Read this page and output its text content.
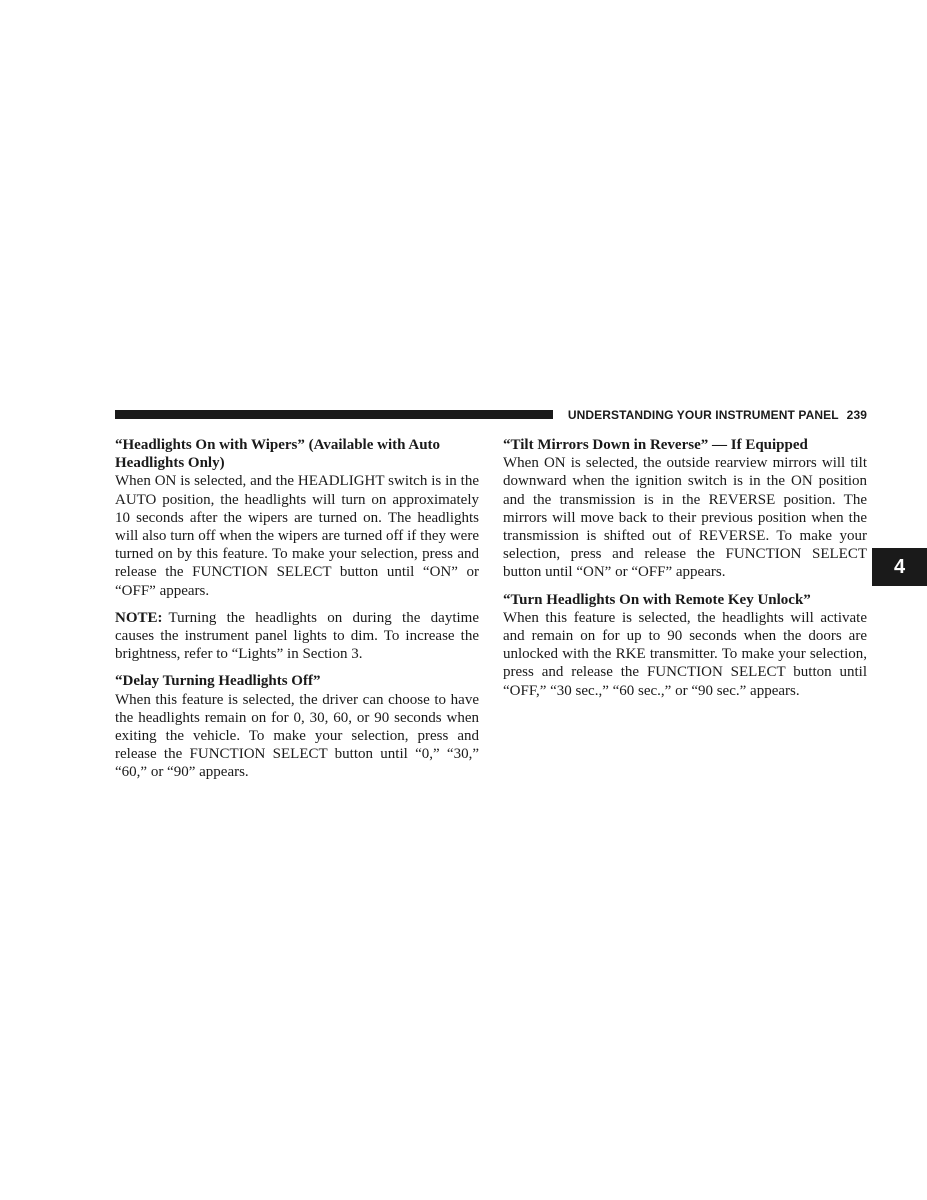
UNDERSTANDING YOUR INSTRUMENT PANEL 239
4
“Headlights On with Wipers” (Available with Auto Headlights Only)

When ON is selected, and the HEADLIGHT switch is in the AUTO position, the headlights will turn on approximately 10 seconds after the wipers are turned on. The headlights will also turn off when the wipers are turned off if they were turned on by this feature. To make your selection, press and release the FUNCTION SELECT button until “ON” or “OFF” appears.

NOTE: Turning the headlights on during the daytime causes the instrument panel lights to dim. To increase the brightness, refer to “Lights” in Section 3.

“Delay Turning Headlights Off”

When this feature is selected, the driver can choose to have the headlights remain on for 0, 30, 60, or 90 seconds when exiting the vehicle. To make your selection, press and release the FUNCTION SELECT button until “0,” “30,” “60,” or “90” appears.

“Tilt Mirrors Down in Reverse” — If Equipped

When ON is selected, the outside rearview mirrors will tilt downward when the ignition switch is in the ON position and the transmission is in the REVERSE position. The mirrors will move back to their previous position when the transmission is shifted out of REVERSE. To make your selection, press and release the FUNCTION SELECT button until “ON” or “OFF” appears.

“Turn Headlights On with Remote Key Unlock”

When this feature is selected, the headlights will activate and remain on for up to 90 seconds when the doors are unlocked with the RKE transmitter. To make your selection, press and release the FUNCTION SELECT button until “OFF,” “30 sec.,” “60 sec.,” or “90 sec.” appears.
